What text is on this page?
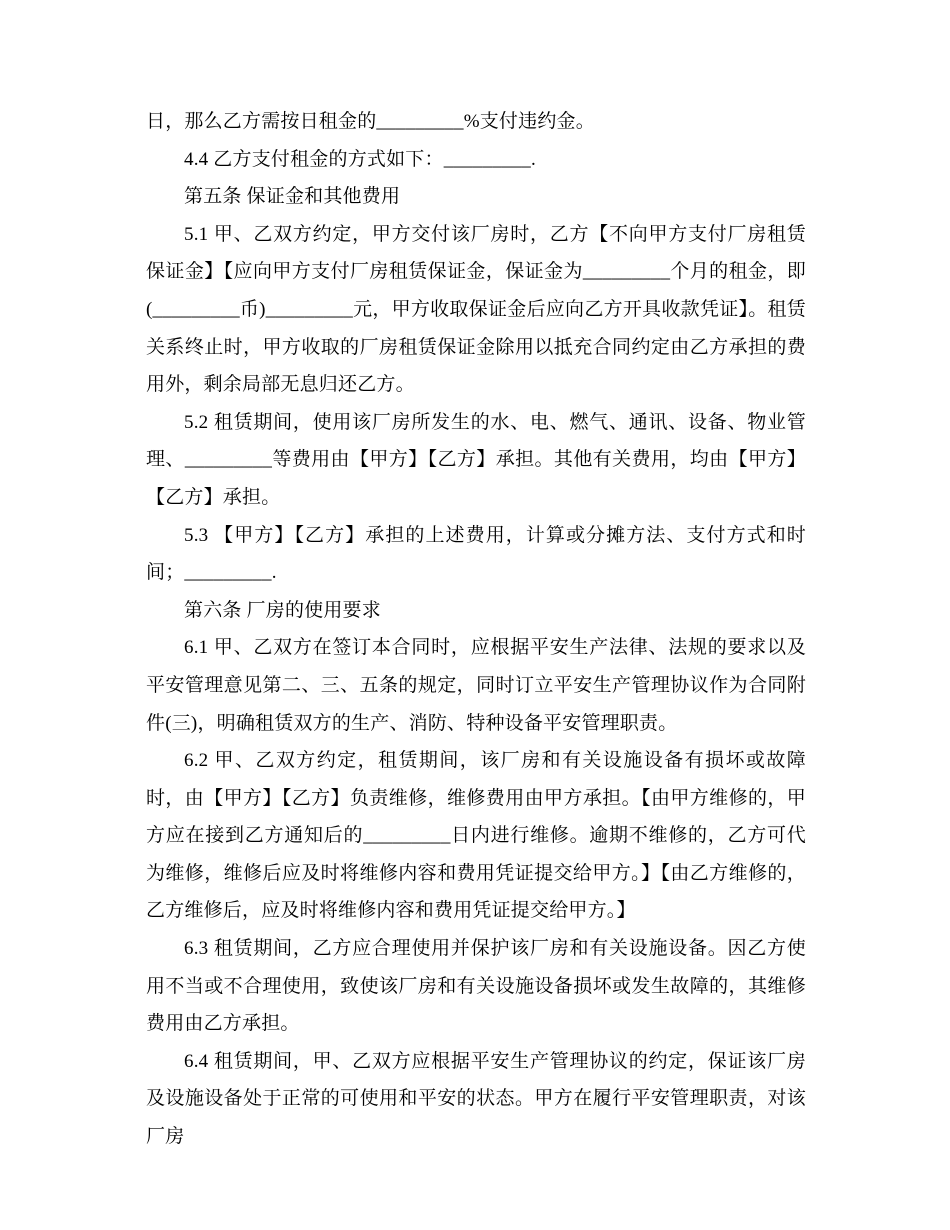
日，那么乙方需按日租金的_________%支付违约金。

4.4 乙方支付租金的方式如下：_________.

第五条 保证金和其他费用

5.1 甲、乙双方约定，甲方交付该厂房时，乙方【不向甲方支付厂房租赁保证金】【应向甲方支付厂房租赁保证金，保证金为_________个月的租金，即(_________币)_________元，甲方收取保证金后应向乙方开具收款凭证】。租赁关系终止时，甲方收取的厂房租赁保证金除用以抵充合同约定由乙方承担的费用外，剩余局部无息归还乙方。

5.2 租赁期间，使用该厂房所发生的水、电、燃气、通讯、设备、物业管理、_________等费用由【甲方】【乙方】承担。其他有关费用，均由【甲方】【乙方】承担。

5.3 【甲方】【乙方】承担的上述费用，计算或分摊方法、支付方式和时间；_________.

第六条 厂房的使用要求

6.1 甲、乙双方在签订本合同时，应根据平安生产法律、法规的要求以及平安管理意见第二、三、五条的规定，同时订立平安生产管理协议作为合同附件(三)，明确租赁双方的生产、消防、特种设备平安管理职责。

6.2 甲、乙双方约定，租赁期间，该厂房和有关设施设备有损坏或故障时，由【甲方】【乙方】负责维修，维修费用由甲方承担。【由甲方维修的，甲方应在接到乙方通知后的_________日内进行维修。逾期不维修的，乙方可代为维修，维修后应及时将维修内容和费用凭证提交给甲方。】【由乙方维修的，乙方维修后，应及时将维修内容和费用凭证提交给甲方。】

6.3 租赁期间，乙方应合理使用并保护该厂房和有关设施设备。因乙方使用不当或不合理使用，致使该厂房和有关设施设备损坏或发生故障的，其维修费用由乙方承担。

6.4 租赁期间，甲、乙双方应根据平安生产管理协议的约定，保证该厂房及设施设备处于正常的可使用和平安的状态。甲方在履行平安管理职责，对该厂房
